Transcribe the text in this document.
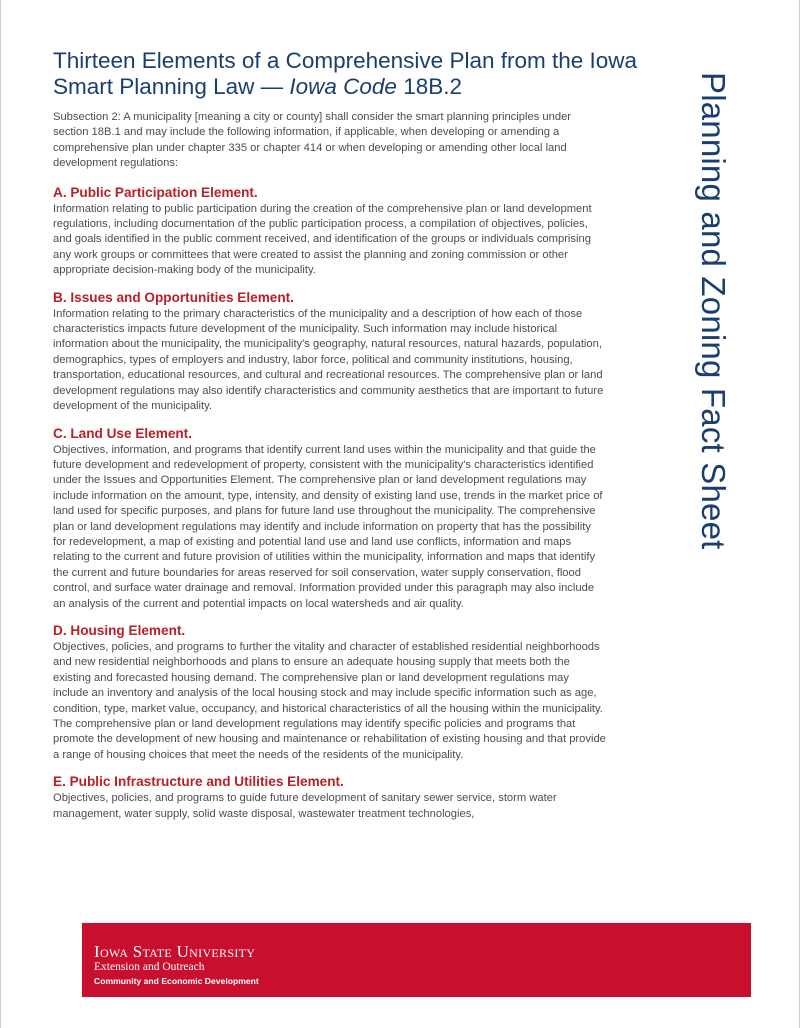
Thirteen Elements of a Comprehensive Plan from the Iowa Smart Planning Law — Iowa Code 18B.2	Planning and Zoning Fact Sheet

Subsection 2: A municipality [meaning a city or county] shall consider the smart planning principles under section 18B.1 and may include the following information, if applicable, when developing or amending a comprehensive plan under chapter 335 or chapter 414 or when developing or amending other local land development regulations:

A. Public Participation Element.

Information relating to public participation during the creation of the comprehensive plan or land development regulations, including documentation of the public participation process, a compilation of objectives, policies, and goals identified in the public comment received, and identification of the groups or individuals comprising any work groups or committees that were created to assist the planning and zoning commission or other appropriate decision-making body of the municipality.

B. Issues and Opportunities Element.

Information relating to the primary characteristics of the municipality and a description of how each of those characteristics impacts future development of the municipality. Such information may include historical information about the municipality, the municipality's geography, natural resources, natural hazards, population, demographics, types of employers and industry, labor force, political and community institutions, housing, transportation, educational resources, and cultural and recreational resources. The comprehensive plan or land development regulations may also identify characteristics and community aesthetics that are important to future development of the municipality.

C. Land Use Element.

Objectives, information, and programs that identify current land uses within the municipality and that guide the future development and redevelopment of property, consistent with the municipality's characteristics identified under the Issues and Opportunities Element. The comprehensive plan or land development regulations may include information on the amount, type, intensity, and density of existing land use, trends in the market price of land used for specific purposes, and plans for future land use throughout the municipality. The comprehensive plan or land development regulations may identify and include information on property that has the possibility for redevelopment, a map of existing and potential land use and land use conflicts, information and maps relating to the current and future provision of utilities within the municipality, information and maps that identify the current and future boundaries for areas reserved for soil conservation, water supply conservation, flood control, and surface water drainage and removal. Information provided under this paragraph may also include an analysis of the current and potential impacts on local watersheds and air quality.

D. Housing Element.

Objectives, policies, and programs to further the vitality and character of established residential neighborhoods and new residential neighborhoods and plans to ensure an adequate housing supply that meets both the existing and forecasted housing demand. The comprehensive plan or land development regulations may include an inventory and analysis of the local housing stock and may include specific information such as age, condition, type, market value, occupancy, and historical characteristics of all the housing within the municipality. The comprehensive plan or land development regulations may identify specific policies and programs that promote the development of new housing and maintenance or rehabilitation of existing housing and that provide a range of housing choices that meet the needs of the residents of the municipality.

E. Public Infrastructure and Utilities Element.

Objectives, policies, and programs to guide future development of sanitary sewer service, storm water management, water supply, solid waste disposal, wastewater treatment technologies,

Iowa State University
Extension and Outreach
Community and Economic Development
